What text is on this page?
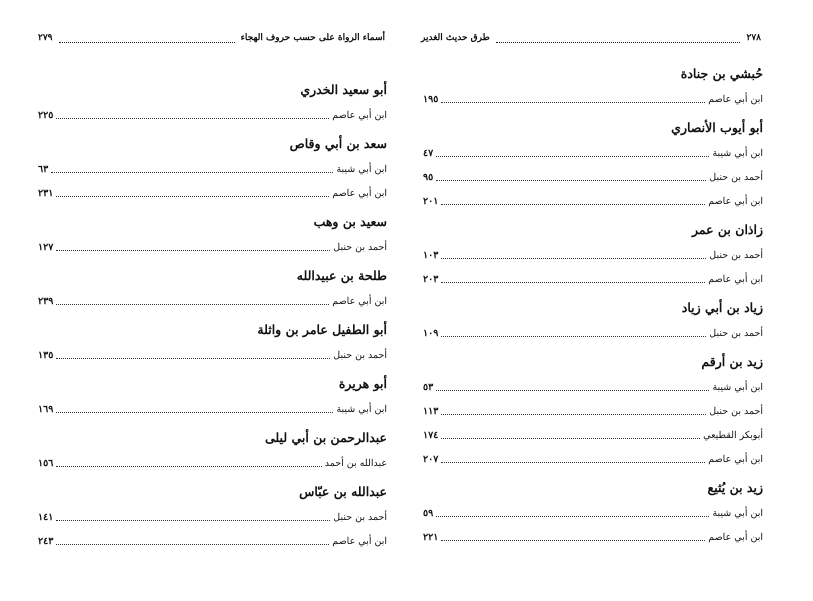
أسماء الرواة على حسب حروف الهجاء
٢٧٩
أبو سعيد الخدري
ابن أبي عاصم
٢٢٥
سعد بن أبي وقاص
ابن أبي شيبة
٦٣
ابن أبي عاصم
٢٣١
سعيد بن وهب
أحمد بن حنبل
١٢٧
طلحة بن عبيدالله
ابن أبي عاصم
٢٣٩
أبو الطفيل عامر بن واثلة
أحمد بن حنبل
١٣٥
أبو هريرة
ابن أبي شيبة
١٦٩
عبدالرحمن بن أبي ليلى
عبدالله بن أحمد
١٥٦
عبدالله بن عبّاس
أحمد بن حنبل
١٤١
ابن أبي عاصم
٢٤٣
٢٧٨
طرق حديث الغدير
حُبشي بن جنادة
ابن أبي عاصم
١٩٥
أبو أيوب الأنصاري
ابن أبي شيبة
٤٧
أحمد بن حنبل
٩٥
ابن أبي عاصم
٢٠١
زاذان بن عمر
أحمد بن حنبل
١٠٣
ابن أبي عاصم
٢٠٣
زياد بن أبي زياد
أحمد بن حنبل
١٠٩
زيد بن أرقم
ابن أبي شيبة
٥٣
أحمد بن حنبل
١١٣
أبوبكر القطيعي
١٧٤
ابن أبي عاصم
٢٠٧
زيد بن يُثيع
ابن أبي شيبة
٥٩
ابن أبي عاصم
٢٢١
